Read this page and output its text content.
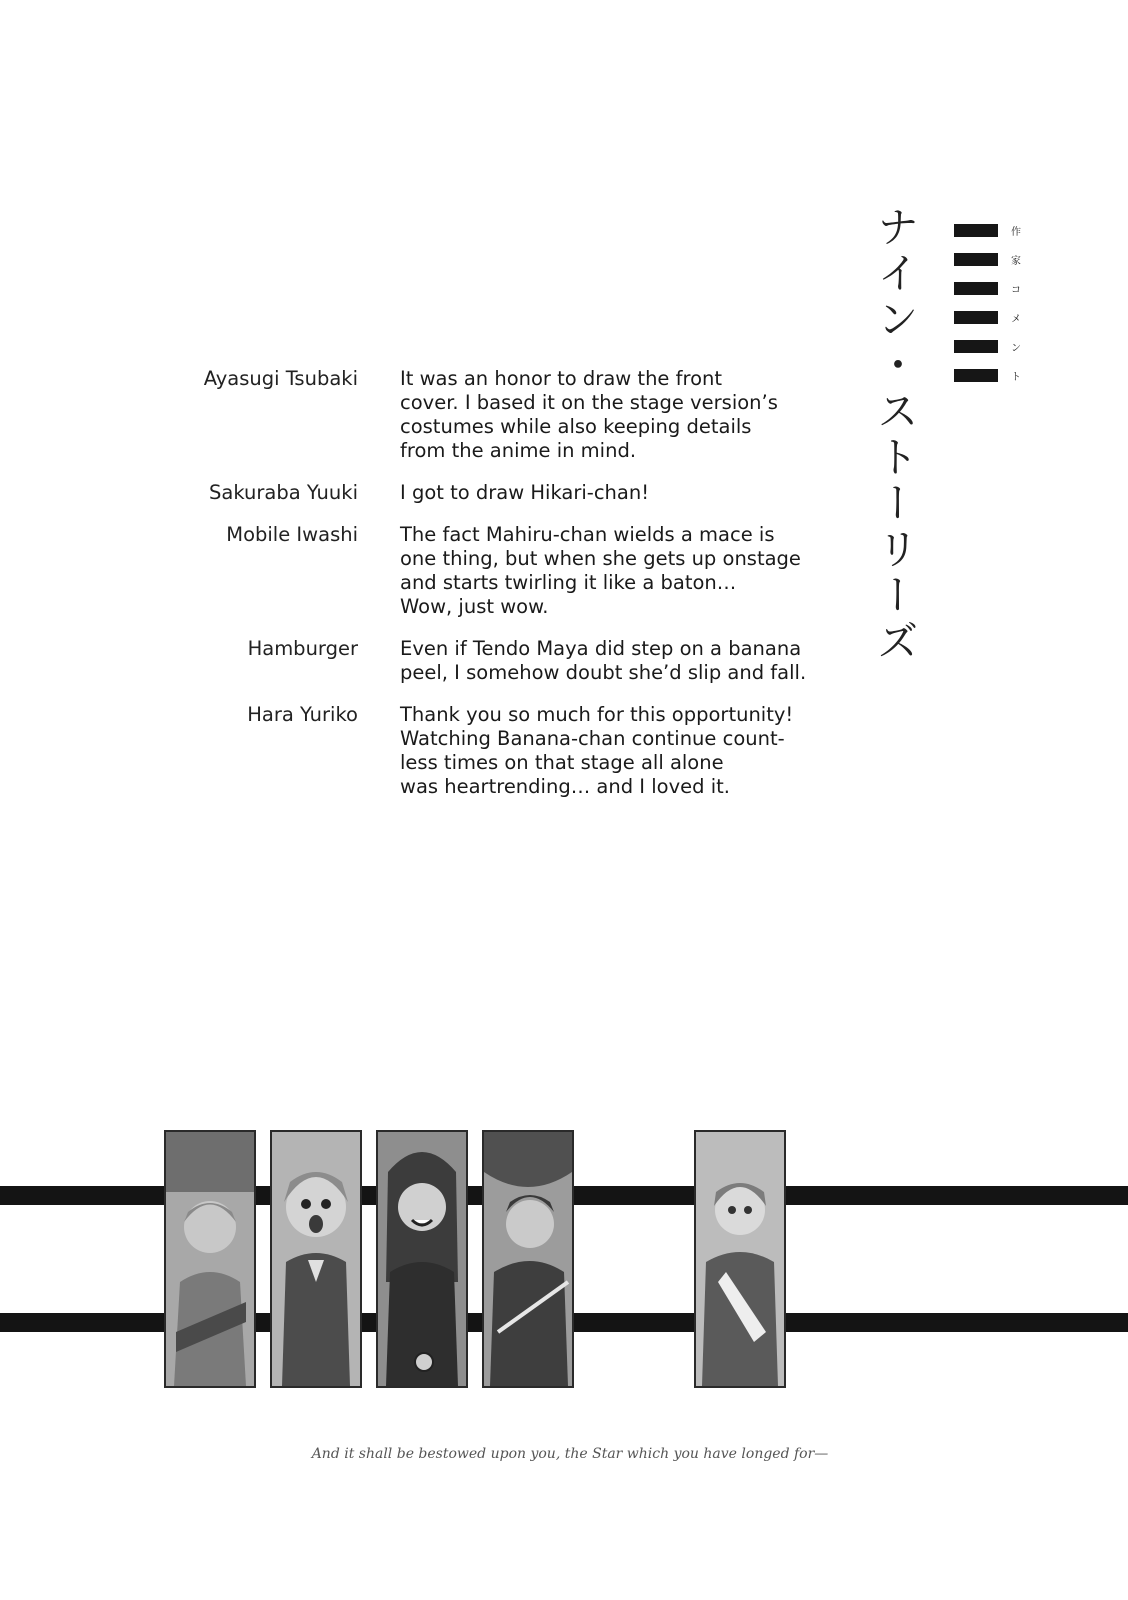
ナイン・ストーリーズ	作
家
コ
メ
ン
ト
Ayasugi Tsubaki It was an honor to draw the front
cover. I based it on the stage version’s
costumes while also keeping details
from the anime in mind.
Sakuraba Yuuki I got to draw Hikari-chan!
Mobile Iwashi The fact Mahiru-chan wields a mace is
one thing, but when she gets up onstage
and starts twirling it like a baton…
Wow, just wow.
Hamburger Even if Tendo Maya did step on a banana
peel, I somehow doubt she’d slip and fall.
Hara Yuriko Thank you so much for this opportunity!
Watching Banana-chan continue count-
less times on that stage all alone
was heartrending… and I loved it.
And it shall be bestowed upon you, the Star which you have longed for—
